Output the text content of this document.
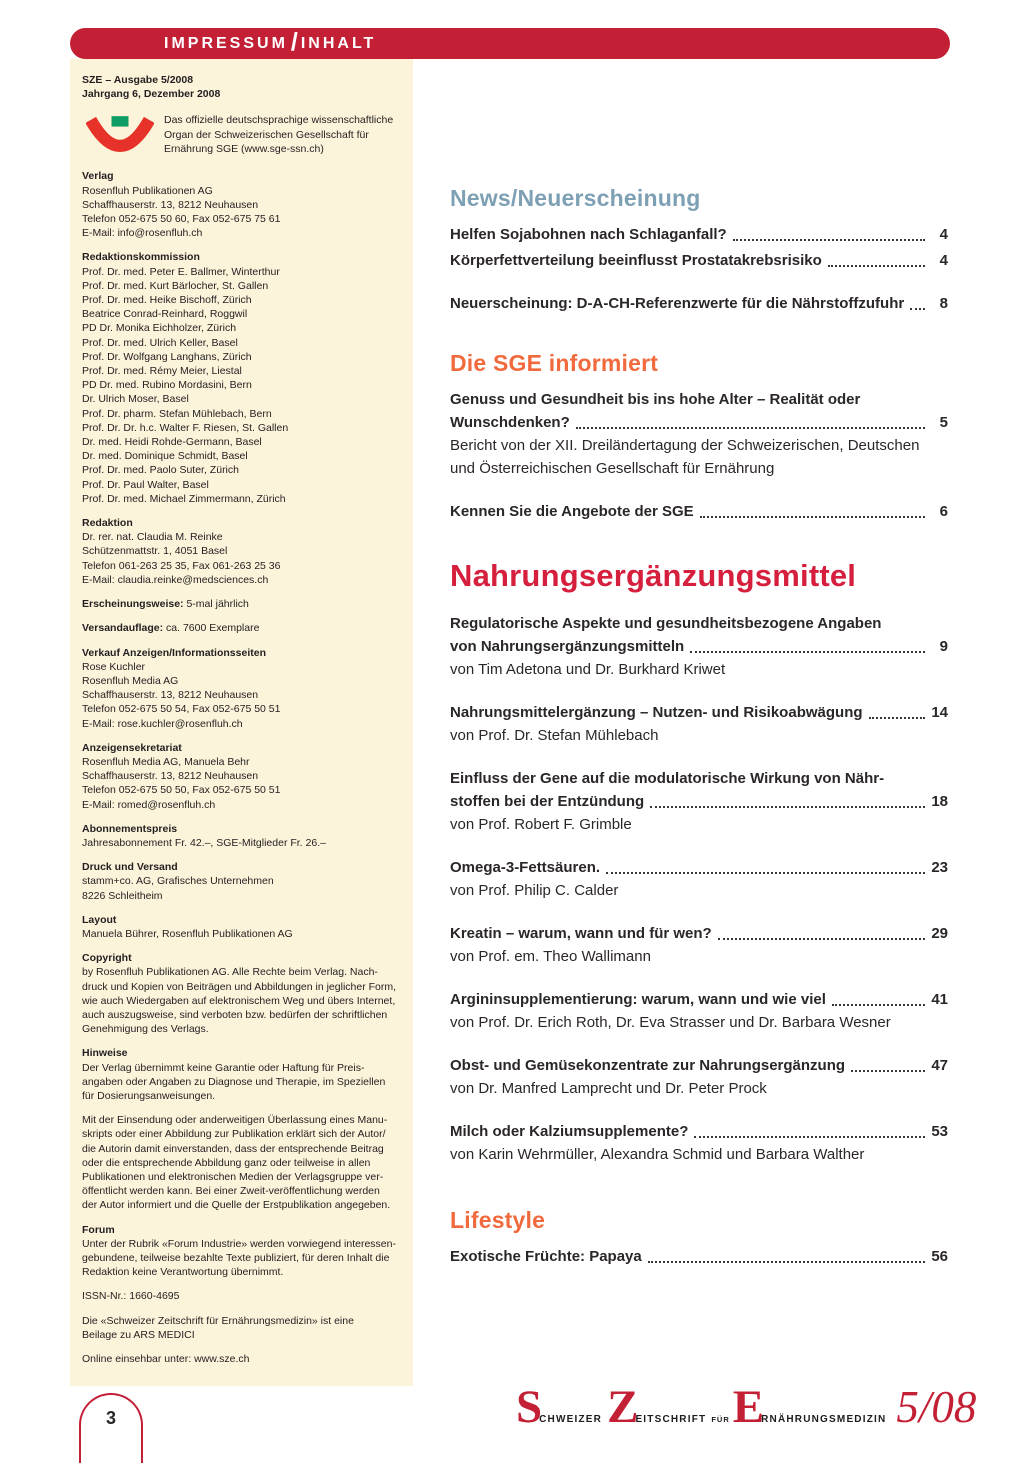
IMPRESSUM / INHALT
SZE – Ausgabe 5/2008
Jahrgang 6, Dezember 2008
Das offizielle deutschsprachige wissenschaftliche
Organ der Schweizerischen Gesellschaft für
Ernährung SGE (www.sge-ssn.ch)
Verlag
Rosenfluh Publikationen AG
Schaffhauserstr. 13, 8212 Neuhausen
Telefon 052-675 50 60, Fax 052-675 75 61
E-Mail: info@rosenfluh.ch
Redaktionskommission
Prof. Dr. med. Peter E. Ballmer, Winterthur
Prof. Dr. med. Kurt Bärlocher, St. Gallen
Prof. Dr. med. Heike Bischoff, Zürich
Beatrice Conrad-Reinhard, Roggwil
PD Dr. Monika Eichholzer, Zürich
Prof. Dr. med. Ulrich Keller, Basel
Prof. Dr. Wolfgang Langhans, Zürich
Prof. Dr. med. Rémy Meier, Liestal
PD Dr. med. Rubino Mordasini, Bern
Dr. Ulrich Moser, Basel
Prof. Dr. pharm. Stefan Mühlebach, Bern
Prof. Dr. Dr. h.c. Walter F. Riesen, St. Gallen
Dr. med. Heidi Rohde-Germann, Basel
Dr. med. Dominique Schmidt, Basel
Prof. Dr. med. Paolo Suter, Zürich
Prof. Dr. Paul Walter, Basel
Prof. Dr. med. Michael Zimmermann, Zürich
Redaktion
Dr. rer. nat. Claudia M. Reinke
Schützenmattstr. 1, 4051 Basel
Telefon 061-263 25 35, Fax 061-263 25 36
E-Mail: claudia.reinke@medsciences.ch
Erscheinungsweise: 5-mal jährlich
Versandauflage: ca. 7600 Exemplare
Verkauf Anzeigen/Informationsseiten
Rose Kuchler
Rosenfluh Media AG
Schaffhauserstr. 13, 8212 Neuhausen
Telefon 052-675 50 54, Fax 052-675 50 51
E-Mail: rose.kuchler@rosenfluh.ch
Anzeigensekretariat
Rosenfluh Media AG, Manuela Behr
Schaffhauserstr. 13, 8212 Neuhausen
Telefon 052-675 50 50, Fax 052-675 50 51
E-Mail: romed@rosenfluh.ch
Abonnementspreis
Jahresabonnement Fr. 42.–, SGE-Mitglieder Fr. 26.–
Druck und Versand
stamm+co. AG, Grafisches Unternehmen
8226 Schleitheim
Layout
Manuela Bührer, Rosenfluh Publikationen AG
Copyright
by Rosenfluh Publikationen AG. Alle Rechte beim Verlag. Nach-
druck und Kopien von Beiträgen und Abbildungen in jeglicher Form,
wie auch Wiedergaben auf elektronischem Weg und übers Internet,
auch auszugsweise, sind verboten bzw. bedürfen der schriftlichen
Genehmigung des Verlags.
Hinweise
Der Verlag übernimmt keine Garantie oder Haftung für Preis-
angaben oder Angaben zu Diagnose und Therapie, im Speziellen
für Dosierungsanweisungen.
Mit der Einsendung oder anderweitigen Überlassung eines Manu-
skripts oder einer Abbildung zur Publikation erklärt sich der Autor/
die Autorin damit einverstanden, dass der entsprechende Beitrag
oder die entsprechende Abbildung ganz oder teilweise in allen
Publikationen und elektronischen Medien der Verlagsgruppe ver-
öffentlicht werden kann. Bei einer Zweit-veröffentlichung werden
der Autor informiert und die Quelle der Erstpublikation angegeben.
Forum
Unter der Rubrik «Forum Industrie» werden vorwiegend interessen-
gebundene, teilweise bezahlte Texte publiziert, für deren Inhalt die
Redaktion keine Verantwortung übernimmt.
ISSN-Nr.: 1660-4695
Die «Schweizer Zeitschrift für Ernährungsmedizin» ist eine
Beilage zu ARS MEDICI
Online einsehbar unter: www.sze.ch
News/Neuerscheinung
Helfen Sojabohnen nach Schlaganfall?	4
Körperfettverteilung beeinflusst Prostatakrebsrisiko	4
Neuerscheinung: D-A-CH-Referenzwerte für die Nährstoffzufuhr	8
Die SGE informiert
Genuss und Gesundheit bis ins hohe Alter – Realität oder
Wunschdenken?	5
Bericht von der XII. Dreiländertagung der Schweizerischen, Deutschen
und Österreichischen Gesellschaft für Ernährung
Kennen Sie die Angebote der SGE	6
Nahrungsergänzungsmittel
Regulatorische Aspekte und gesundheitsbezogene Angaben
von Nahrungsergänzungsmitteln	9
von Tim Adetona und Dr. Burkhard Kriwet
Nahrungsmittelergänzung – Nutzen- und Risikoabwägung	14
von Prof. Dr. Stefan Mühlebach
Einfluss der Gene auf die modulatorische Wirkung von Nähr-
stoffen bei der Entzündung	18
von Prof. Robert F. Grimble
Omega-3-Fettsäuren.	23
von Prof. Philip C. Calder
Kreatin – warum, wann und für wen?	29
von Prof. em. Theo Wallimann
Argininsupplementierung: warum, wann und wie viel	41
von Prof. Dr. Erich Roth, Dr. Eva Strasser und Dr. Barbara Wesner
Obst- und Gemüsekonzentrate zur Nahrungsergänzung	47
von Dr. Manfred Lamprecht und Dr. Peter Prock
Milch oder Kalziumsupplemente?	53
von Karin Wehrmüller, Alexandra Schmid und Barbara Walther
Lifestyle
Exotische Früchte: Papaya	56
3	S
CHWEIZER Z
EITSCHRIFT FÜR E
RNÄHRUNGSMEDIZIN 5/08
